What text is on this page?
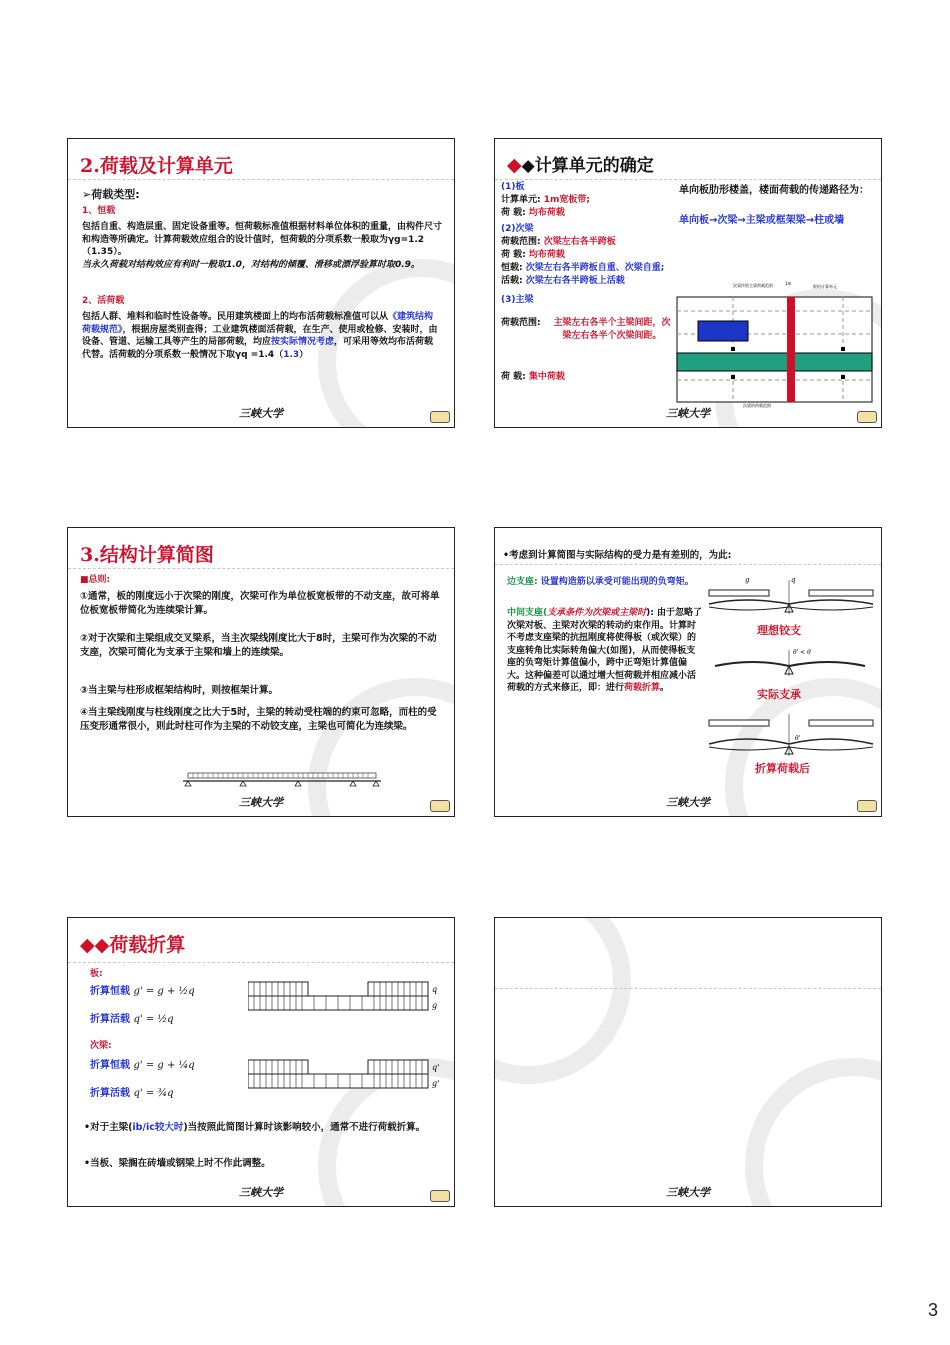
2.荷载及计算单元
➢荷载类型:
1、恒载
包括自重、构造层重、固定设备重等。恒荷载标准值根据材料单位体积的重量，由构件尺寸和构造等所确定。计算荷载效应组合的设计值时，恒荷载的分项系数一般取为γg=1.2（1.35）。
当永久荷载对结构效应有利时一般取1.0，对结构的倾覆、滑移或漂浮验算时取0.9。
2、活荷载
包括人群、堆料和临时性设备等。民用建筑楼面上的均布活荷载标准值可以从《建筑结构荷载规范》，根据房屋类别查得；工业建筑楼面活荷载，在生产、使用或检修、安装时，由设备、管道、运输工具等产生的局部荷载，均应按实际情况考虑，可采用等效均布活荷载代替。活荷载的分项系数一般情况下取γq =1.4（1.3）
三峡大学
◆◆计算单元的确定
(1)板
计算单元: 1m宽板带;
荷 载: 均布荷载
(2)次梁
荷载范围: 次梁左右各半跨板
荷 载: 均布荷载
恒载: 次梁左右各半跨板自重、次梁自重;
活载: 次梁左右各半跨板上活载
(3)主梁
荷载范围:	主梁左右各半个主梁间距，次梁左右各半个次梁间距。
荷 载: 集中荷载
单向板肋形楼盖，楼面荷载的传递路径为：
单向板→次梁→主梁或框架梁→柱或墙
次梁传给主梁荷载范围	1m
板的计算单元
次梁的荷载范围
三峡大学
3.结构计算简图
■总则:
①通常，板的刚度远小于次梁的刚度，次梁可作为单位板宽板带的不动支座，故可将单位板宽板带简化为连续梁计算。
②对于次梁和主梁组成交叉梁系，当主次梁线刚度比大于8时，主梁可作为次梁的不动支座，次梁可简化为支承于主梁和墙上的连续梁。
③当主梁与柱形成框架结构时，则按框架计算。
④当主梁线刚度与柱线刚度之比大于5时，主梁的转动受柱端的约束可忽略，而柱的受压变形通常很小，则此时柱可作为主梁的不动铰支座，主梁也可简化为连续梁。
三峡大学
•考虑到计算简图与实际结构的受力是有差别的，为此:
边支座: 设置构造筋以承受可能出现的负弯矩。
中间支座(支承条件为次梁或主梁时): 由于忽略了次梁对板、主梁对次梁的转动约束作用。计算时不考虑支座梁的抗扭刚度将使得板（或次梁）的支座转角比实际转角偏大(如图)，从而使得板支座的负弯矩计算值偏小，跨中正弯矩计算值偏大。这种偏差可以通过增大恒荷载并相应减小活荷载的方式来修正，即：进行荷载折算。
g	q
理想铰支
θ' < θ
实际支承
θ'
折算荷载后
三峡大学
◆◆荷载折算
板:
折算恒载 g' = g + ½q
折算活载 q' = ½q
次梁:
折算恒载 g' = g + ¼q
折算活载 q' = ¾q
q
g
q'
g'
•对于主梁(ib/ic较大时)当按照此简图计算时该影响较小，通常不进行荷载折算。
•当板、梁搁在砖墙或钢梁上时不作此调整。
三峡大学	三峡大学
3
